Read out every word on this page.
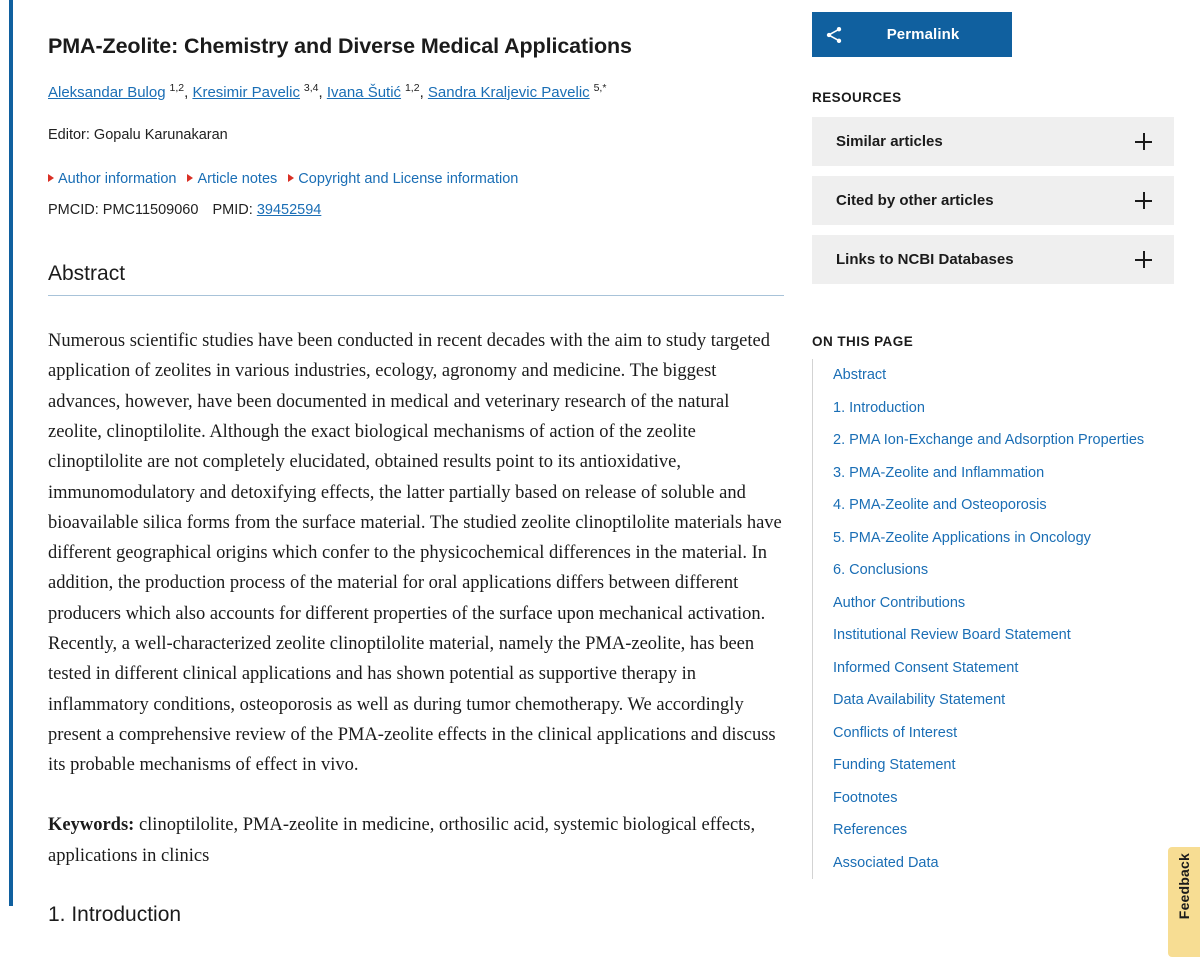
PMA-Zeolite: Chemistry and Diverse Medical Applications

Aleksandar Bulog $^{1,2}$, Kresimir Pavelic $^{3,4}$, Ivana Šutić $^{1,2}$, Sandra Kraljevic Pavelic $^{5,*}$

Editor: Gopalu Karunakaran

Author information Article notes Copyright and License information
PMCID: PMC11509060 PMID: 39452594
Abstract

Numerous scientific studies have been conducted in recent decades with the aim to study targeted application of zeolites in various industries, ecology, agronomy and medicine. The biggest advances, however, have been documented in medical and veterinary research of the natural zeolite, clinoptilolite. Although the exact biological mechanisms of action of the zeolite clinoptilolite are not completely elucidated, obtained results point to its antioxidative, immunomodulatory and detoxifying effects, the latter partially based on release of soluble and bioavailable silica forms from the surface material. The studied zeolite clinoptilolite materials have different geographical origins which confer to the physicochemical differences in the material. In addition, the production process of the material for oral applications differs between different producers which also accounts for different properties of the surface upon mechanical activation. Recently, a well-characterized zeolite clinoptilolite material, namely the PMA-zeolite, has been tested in different clinical applications and has shown potential as supportive therapy in inflammatory conditions, osteoporosis as well as during tumor chemotherapy. We accordingly present a comprehensive review of the PMA-zeolite effects in the clinical applications and discuss its probable mechanisms of effect in vivo.

Keywords: clinoptilolite, PMA-zeolite in medicine, orthosilic acid, systemic biological effects, applications in clinics

1. Introduction
Permalink
RESOURCES
Similar articles
Cited by other articles
Links to NCBI Databases
ON THIS PAGE
Abstract
1. Introduction
2. PMA Ion-Exchange and Adsorption Properties
3. PMA-Zeolite and Inflammation
4. PMA-Zeolite and Osteoporosis
5. PMA-Zeolite Applications in Oncology
6. Conclusions
Author Contributions
Institutional Review Board Statement
Informed Consent Statement
Data Availability Statement
Conflicts of Interest
Funding Statement
Footnotes
References
Associated Data	Feedback
